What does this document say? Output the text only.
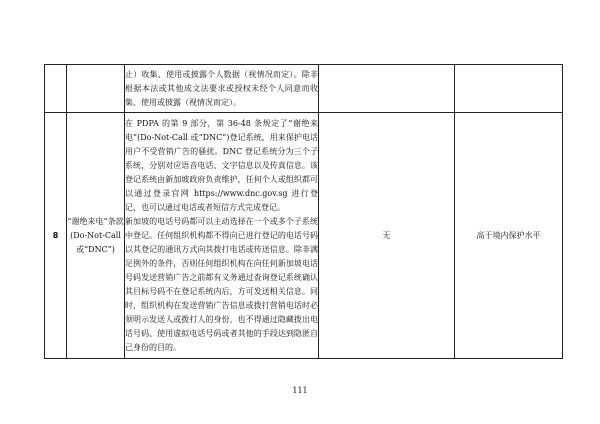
		止）收集、使用或披露个人数据（视情况而定）。除非根据本法或其他成文法要求或授权未经个人同意而收集、使用或披露（视情况而定）。		

8	“谢绝来电”条款(Do-Not-Call 或“DNC”)	在 PDPA 的第 9 部分，第 36-48 条规定了“谢绝来电”(Do-Not-Call 或“DNC”)登记系统，用来保护电话用户不受营销广告的骚扰。DNC 登记系统分为三个子系统，分别对应语音电话、文字信息以及传真信息。该登记系统由新加坡政府负责维护，任何个人或组织都可以通过登录官网 https://www.dnc.gov.sg 进行登记，也可以通过电话或者短信方式完成登记。
新加坡的电话号码都可以主动选择在一个或多个子系统中登记。任何组织机构都不得向已进行登记的电话号码以其登记的通讯方式向其拨打电话或传送信息。除非满足例外的条件，否则任何组织机构在向任何新加坡电话号码发送营销广告之前都有义务通过查询登记系统确认其目标号码不在登记系统内后，方可发送相关信息。同时，组织机构在发送营销广告信息或拨打营销电话时必须明示发送人或拨打人的身份，也不得通过隐藏拨出电话号码、使用虚拟电话号码或者其他的手段达到隐匿自己身份的目的。	无	高于境内保护水平
111
